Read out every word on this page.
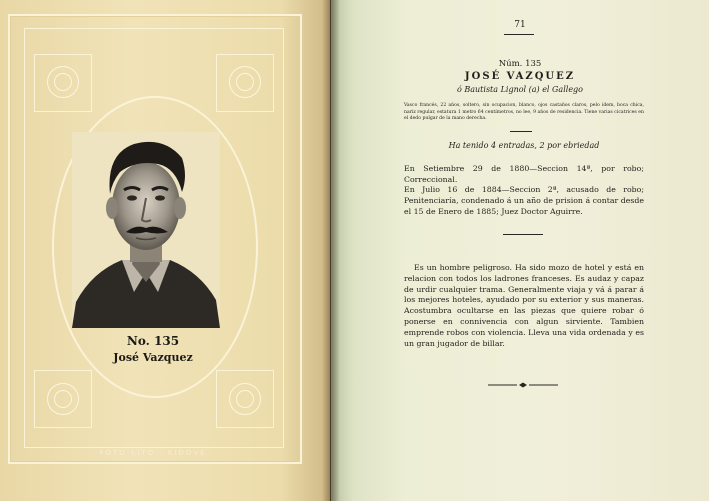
No. 135
José Vazquez
FOTO-LITO · KIDOVE
71
Núm. 135
JOSÉ VAZQUEZ
ó Bautista Lignol (a) el Gallego
Vasco francés, 22 años, soltero, sin ocupacion, blanco, ojos castaños claros, pelo ídem, boca chica, nariz regular, estatura 1 metro 64 centímetros, no lee, 9 años de residencia. Tiene varias cicatrices en el dedo pulgar de la mano derecha.
Ha tenido 4 entradas, 2 por ebriedad
En Setiembre 29 de 1880—Seccion 14ª, por robo; Correccional.
En Julio 16 de 1884—Seccion 2ª, acusado de robo; Penitenciaría, condenado á un año de prision á contar desde el 15 de Enero de 1885; Juez Doctor Aguirre.
Es un hombre peligroso. Ha sido mozo de hotel y está en relacion con todos los ladrones franceses. Es audaz y capaz de urdir cualquier trama. Generalmente viaja y vá á parar á los mejores hoteles, ayudado por su exterior y sus maneras. Acostumbra ocultarse en las piezas que quiere robar ó ponerse en connivencia con algun sirviente. Tambien emprende robos con violencia. Lleva una vida ordenada y es un gran jugador de billar.
